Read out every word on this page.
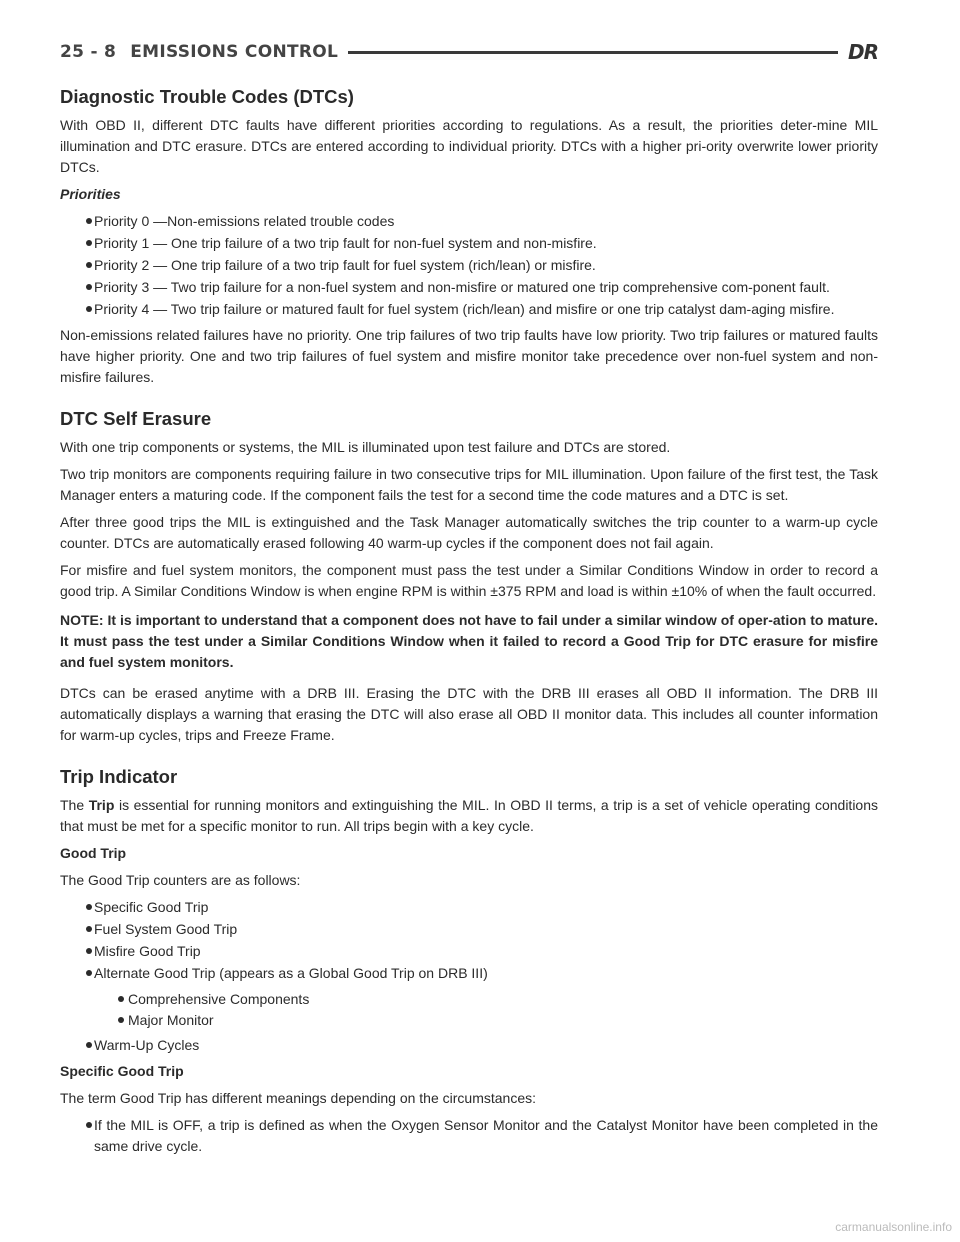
25 - 8 EMISSIONS CONTROL	DR
Diagnostic Trouble Codes (DTCs)

With OBD II, different DTC faults have different priorities according to regulations. As a result, the priorities deter-mine MIL illumination and DTC erasure. DTCs are entered according to individual priority. DTCs with a higher pri-ority overwrite lower priority DTCs.

Priorities
Priority 0 —Non-emissions related trouble codes
Priority 1 — One trip failure of a two trip fault for non-fuel system and non-misfire.
Priority 2 — One trip failure of a two trip fault for fuel system (rich/lean) or misfire.
Priority 3 — Two trip failure for a non-fuel system and non-misfire or matured one trip comprehensive com-ponent fault.
Priority 4 — Two trip failure or matured fault for fuel system (rich/lean) and misfire or one trip catalyst dam-aging misfire.

Non-emissions related failures have no priority. One trip failures of two trip faults have low priority. Two trip failures or matured faults have higher priority. One and two trip failures of fuel system and misfire monitor take precedence over non-fuel system and non-misfire failures.

DTC Self Erasure

With one trip components or systems, the MIL is illuminated upon test failure and DTCs are stored.

Two trip monitors are components requiring failure in two consecutive trips for MIL illumination. Upon failure of the first test, the Task Manager enters a maturing code. If the component fails the test for a second time the code matures and a DTC is set.

After three good trips the MIL is extinguished and the Task Manager automatically switches the trip counter to a warm-up cycle counter. DTCs are automatically erased following 40 warm-up cycles if the component does not fail again.

For misfire and fuel system monitors, the component must pass the test under a Similar Conditions Window in order to record a good trip. A Similar Conditions Window is when engine RPM is within ±375 RPM and load is within ±10% of when the fault occurred.

NOTE: It is important to understand that a component does not have to fail under a similar window of oper-ation to mature. It must pass the test under a Similar Conditions Window when it failed to record a Good Trip for DTC erasure for misfire and fuel system monitors.

DTCs can be erased anytime with a DRB III. Erasing the DTC with the DRB III erases all OBD II information. The DRB III automatically displays a warning that erasing the DTC will also erase all OBD II monitor data. This includes all counter information for warm-up cycles, trips and Freeze Frame.

Trip Indicator

The Trip is essential for running monitors and extinguishing the MIL. In OBD II terms, a trip is a set of vehicle operating conditions that must be met for a specific monitor to run. All trips begin with a key cycle.

Good Trip

The Good Trip counters are as follows:

Specific Good Trip
Fuel System Good Trip
Misfire Good Trip
Alternate Good Trip (appears as a Global Good Trip on DRB III)
Comprehensive Components
Major Monitor
Warm-Up Cycles
Specific Good Trip

The term Good Trip has different meanings depending on the circumstances:

If the MIL is OFF, a trip is defined as when the Oxygen Sensor Monitor and the Catalyst Monitor have been completed in the same drive cycle.
carmanualsonline.info
